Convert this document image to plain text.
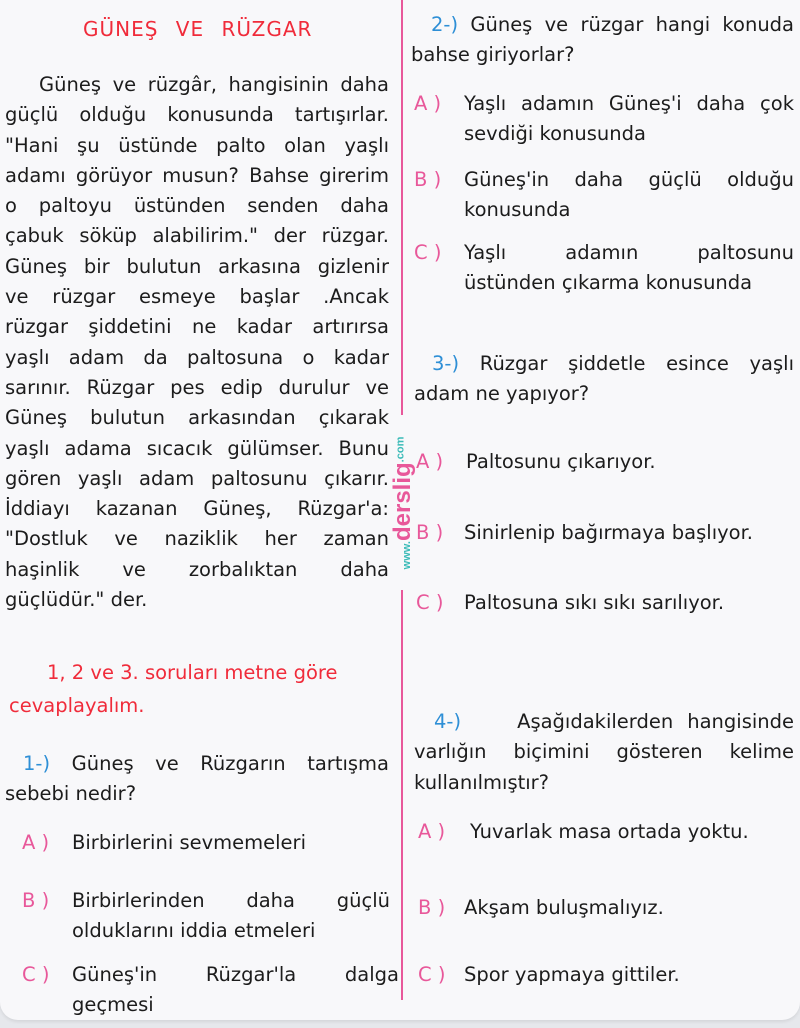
www.derslig$^{.com}$
GÜNEŞ VE RÜZGAR
Güneş ve rüzgâr, hangisinin daha
güçlü olduğu konusunda tartışırlar.
"Hani şu üstünde palto olan yaşlı
adamı görüyor musun? Bahse girerim
o paltoyu üstünden senden daha
çabuk söküp alabilirim." der rüzgar.
Güneş bir bulutun arkasına gizlenir
ve rüzgar esmeye başlar .Ancak
rüzgar şiddetini ne kadar artırırsa
yaşlı adam da paltosuna o kadar
sarınır. Rüzgar pes edip durulur ve
Güneş bulutun arkasından çıkarak
yaşlı adama sıcacık gülümser. Bunu
gören yaşlı adam paltosunu çıkarır.
İddiayı kazanan Güneş, Rüzgar'a:
"Dostluk ve naziklik her zaman
haşinlik ve zorbalıktan daha
güçlüdür." der.
1, 2 ve 3. soruları metne göre
cevaplayalım.
1-) Güneş ve Rüzgarın tartışma
sebebi nedir?
A )	Birbirlerini sevmemeleri
B )	Birbirlerinden daha güçlü
olduklarını iddia etmeleri
C )	Güneş'in Rüzgar'la dalga
geçmesi
2-) Güneş ve rüzgar hangi konuda
bahse giriyorlar?
A )	Yaşlı adamın Güneş'i daha çok
sevdiği konusunda
B )	Güneş'in daha güçlü olduğu
konusunda
C )	Yaşlı adamın paltosunu
üstünden çıkarma konusunda
3-) Rüzgar şiddetle esince yaşlı
adam ne yapıyor?
A )	Paltosunu çıkarıyor.
B )	Sinirlenip bağırmaya başlıyor.
C )	Paltosuna sıkı sıkı sarılıyor.
4-)	Aşağıdakilerden hangisinde
varlığın biçimini gösteren kelime
kullanılmıştır?
A )	Yuvarlak masa ortada yoktu.
B ) Akşam buluşmalıyız.
C ) Spor yapmaya gittiler.
